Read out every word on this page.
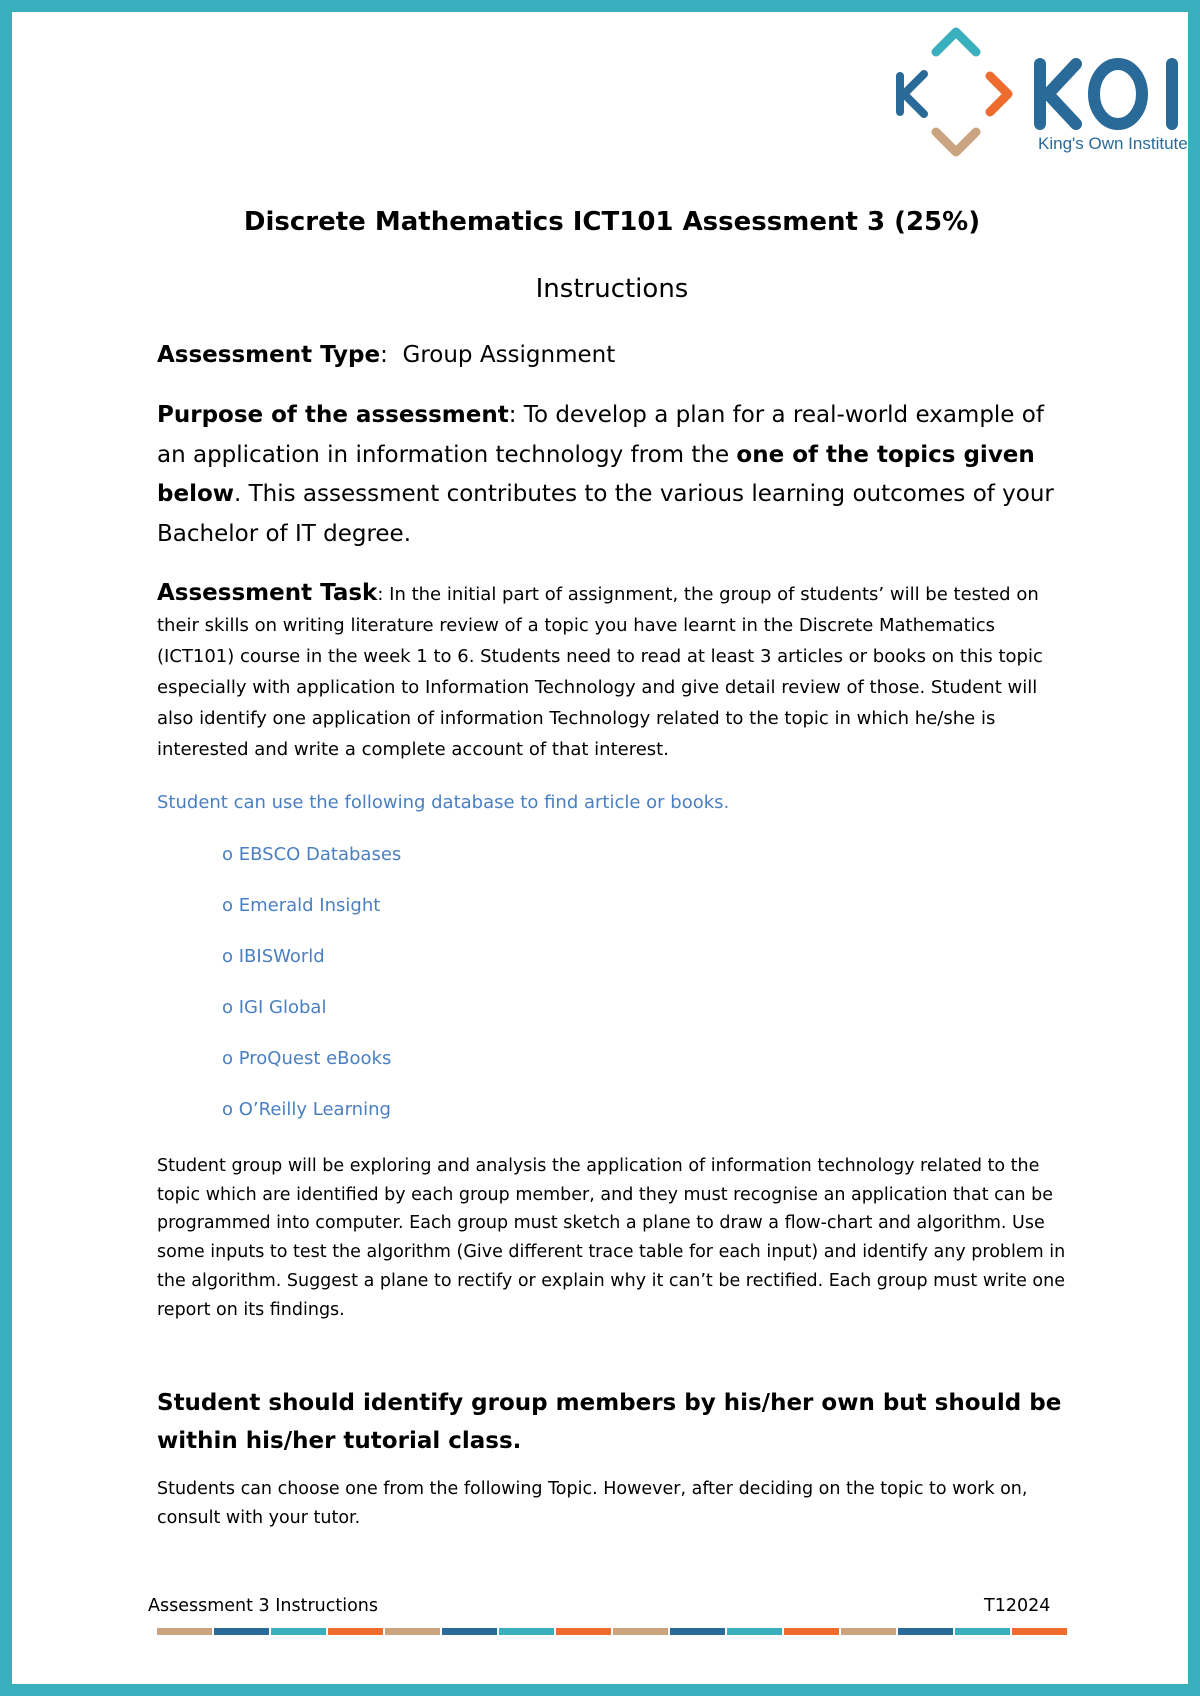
King's Own Institute
Discrete Mathematics ICT101 Assessment 3 (25%)
Instructions

Assessment Type:  Group Assignment

Purpose of the assessment: To develop a plan for a real-world example of an application in information technology from the one of the topics given below. This assessment contributes to the various learning outcomes of your Bachelor of IT degree.

Assessment Task: In the initial part of assignment, the group of students’ will be tested on their skills on writing literature review of a topic you have learnt in the Discrete Mathematics (ICT101) course in the week 1 to 6. Students need to read at least 3 articles or books on this topic especially with application to Information Technology and give detail review of those. Student will also identify one application of information Technology related to the topic in which he/she is interested and write a complete account of that interest.

Student can use the following database to find article or books.

o EBSCO Databases
o Emerald Insight
o IBISWorld
o IGI Global
o ProQuest eBooks
o O’Reilly Learning

Student group will be exploring and analysis the application of information technology related to the topic which are identified by each group member, and they must recognise an application that can be programmed into computer. Each group must sketch a plane to draw a flow-chart and algorithm. Use some inputs to test the algorithm (Give different trace table for each input) and identify any problem in the algorithm. Suggest a plane to rectify or explain why it can’t be rectified. Each group must write one report on its findings.

Student should identify group members by his/her own but should be within his/her tutorial class.

Students can choose one from the following Topic. However, after deciding on the topic to work on, consult with your tutor.

Assessment 3 Instructions	T12024
